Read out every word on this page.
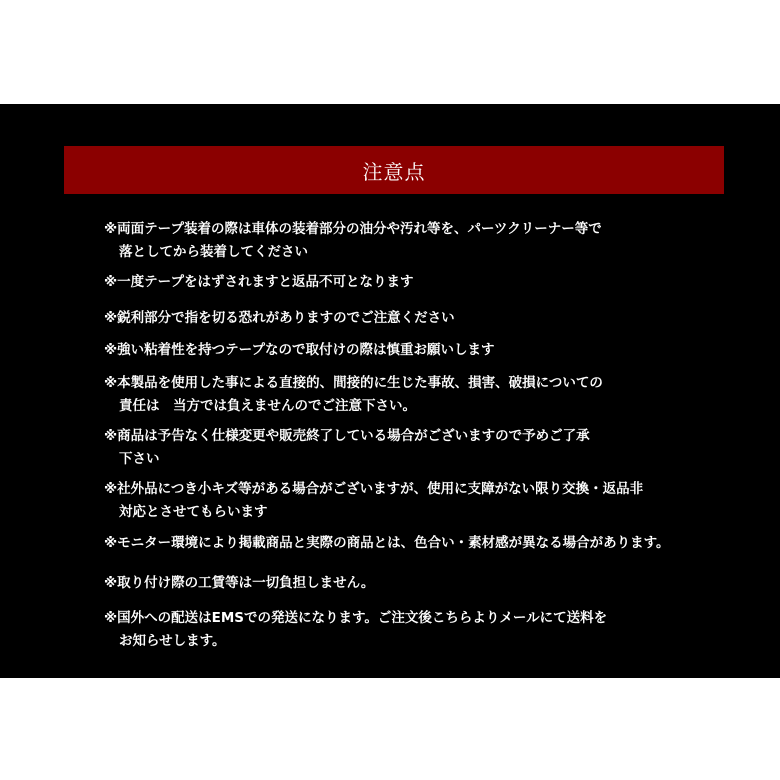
注意点
※両面テープ装着の際は車体の装着部分の油分や汚れ等を、パーツクリーナー等で
落としてから装着してください
※一度テープをはずされますと返品不可となります
※鋭利部分で指を切る恐れがありますのでご注意ください
※強い粘着性を持つテープなので取付けの際は慎重お願いします
※本製品を使用した事による直接的、間接的に生じた事故、損害、破損についての
責任は　当方では負えませんのでご注意下さい。
※商品は予告なく仕様変更や販売終了している場合がございますので予めご了承
下さい
※社外品につき小キズ等がある場合がございますが、使用に支障がない限り交換・返品非
対応とさせてもらいます
※モニター環境により掲載商品と実際の商品とは、色合い・素材感が異なる場合があります。
※取り付け際の工賃等は一切負担しません。
※国外への配送はEMSでの発送になります。ご注文後こちらよりメールにて送料を
お知らせします。
